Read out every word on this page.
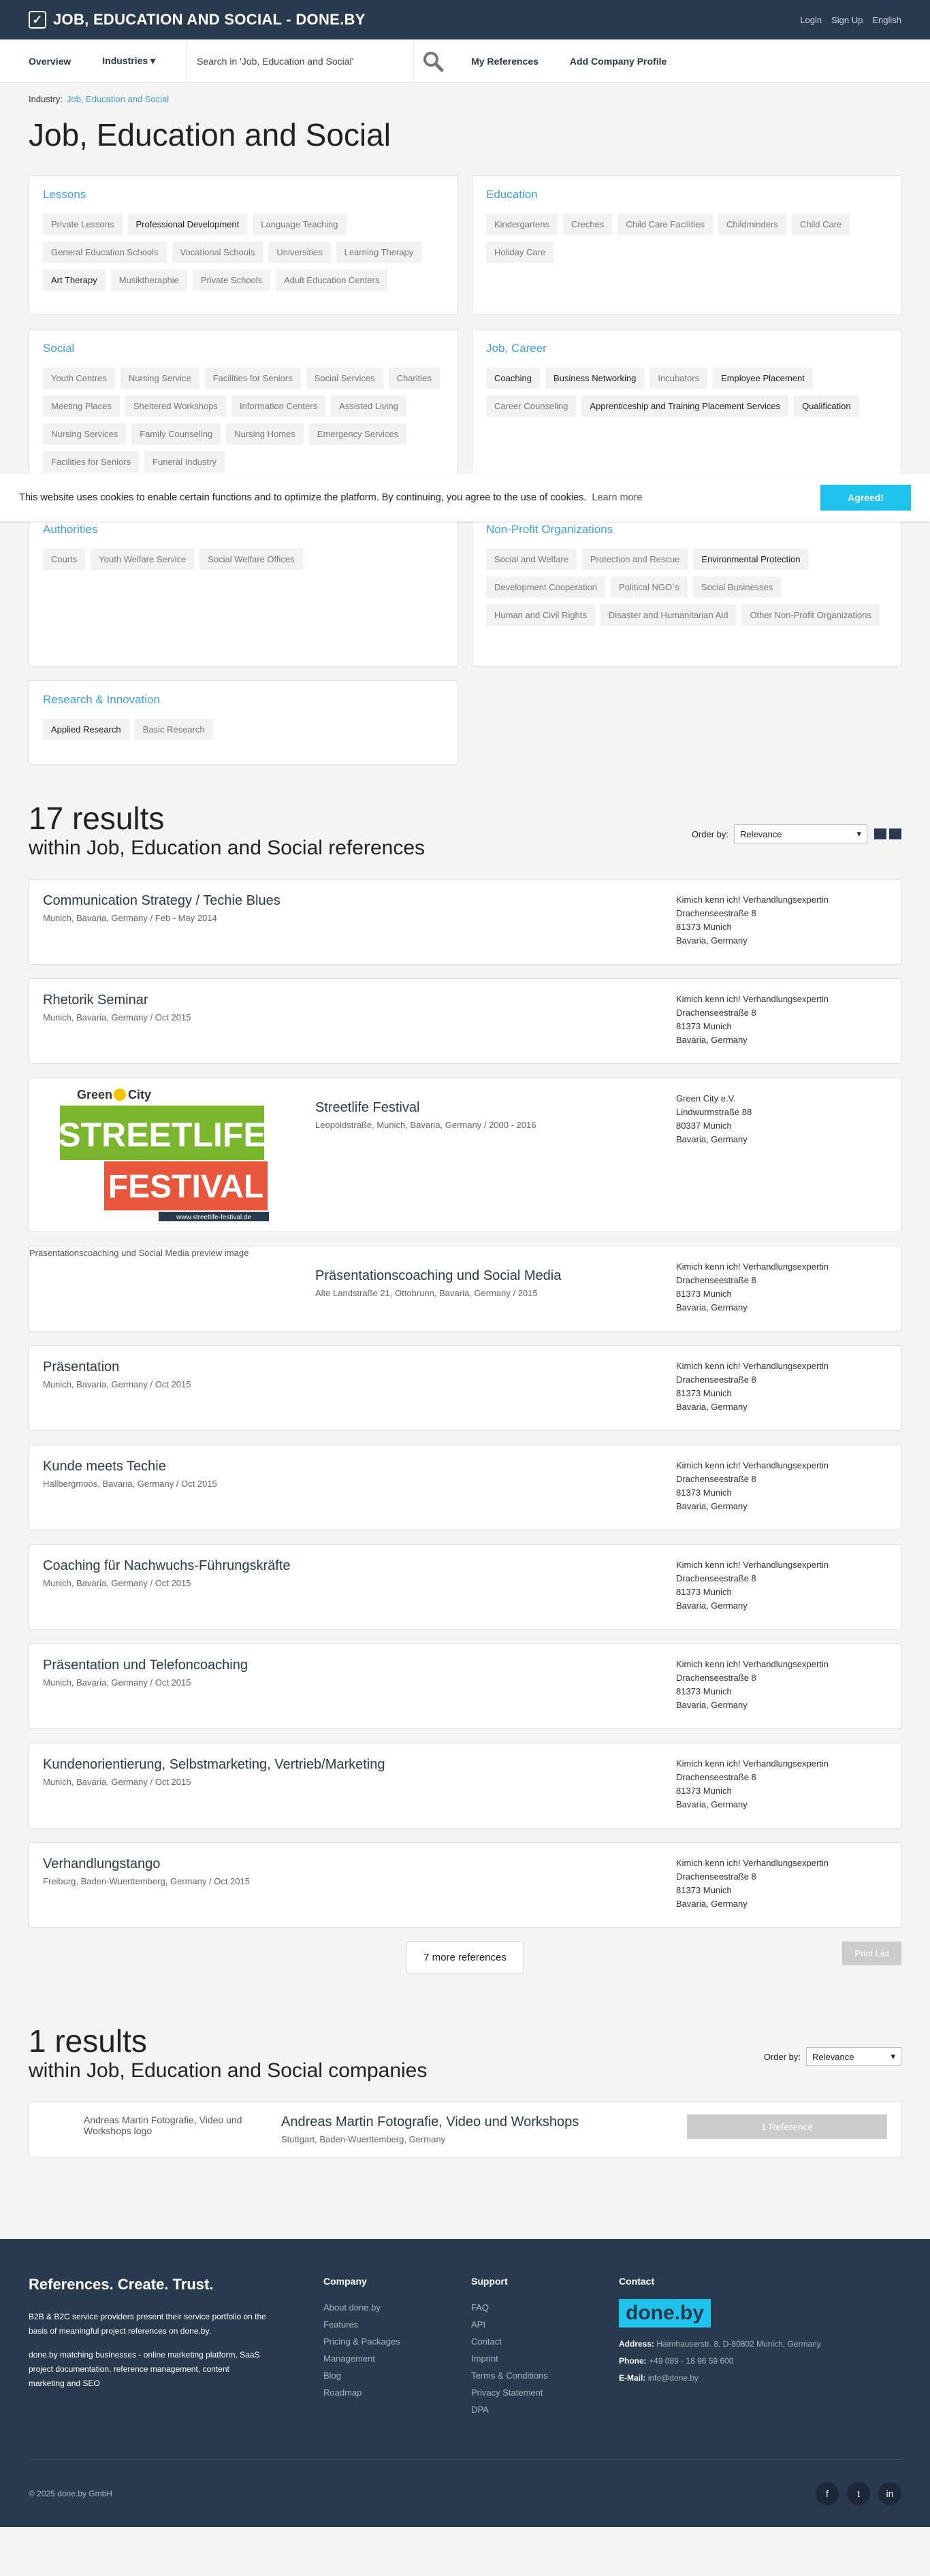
✓ JOB, EDUCATION AND SOCIAL - DONE.BY	Login Sign Up English
Overview	Industries ▾	Search in 'Job, Education and Social'	My References	Add Company Profile
Industry: Job, Education and Social
Job, Education and Social
Lessons
Private Lessons	Professional Development	Language Teaching
General Education Schools	Vocational Schools	Universities	Learning Therapy
Art Therapy	Musiktheraphie	Private Schools	Adult Education Centers
Education
Kindergartens	Creches	Child Care Facilities	Childminders	Child Care
Holiday Care
Social
Youth Centres	Nursing Service	Facilities for Seniors	Social Services	Charities
Meeting Places	Sheltered Workshops	Information Centers	Assisted Living
Nursing Services	Family Counseling	Nursing Homes	Emergency Services
Facilities for Seniors	Funeral Industry
Job, Career
Coaching	Business Networking	Incubators	Employee Placement
Career Counseling	Apprenticeship and Training Placement Services	Qualification
Authorities
Courts	Youth Welfare Service	Social Welfare Offices
Non-Profit Organizations
Social and Welfare	Protection and Rescue	Environmental Protection
Development Cooperation	Political NGO´s	Social Businesses
Human and Civil Rights	Disaster and Humanitarian Aid	Other Non-Profit Organizations
Research & Innovation
Applied Research	Basic Research
17 results
within Job, Education and Social references
Order by: Relevance	▾
Communication Strategy / Techie Blues
Munich, Bavaria, Germany / Feb - May 2014
Kimich kenn ich! Verhandlungsexpertin
Drachenseestraße 8
81373 Munich
Bavaria, Germany
Rhetorik Seminar
Munich, Bavaria, Germany / Oct 2015
Kimich kenn ich! Verhandlungsexpertin
Drachenseestraße 8
81373 Munich
Bavaria, Germany
Green City
STREETLIFE
FESTIVAL
www.streetlife-festival.de
Streetlife Festival
Leopoldstraße, Munich, Bavaria, Germany / 2000 - 2016
Green City e.V.
Lindwurmstraße 88
80337 Munich
Bavaria, Germany
Präsentationscoaching und Social Media preview image
Präsentationscoaching und Social Media
Alte Landstraße 21, Ottobrunn, Bavaria, Germany / 2015
Kimich kenn ich! Verhandlungsexpertin
Drachenseestraße 8
81373 Munich
Bavaria, Germany
Präsentation
Munich, Bavaria, Germany / Oct 2015
Kimich kenn ich! Verhandlungsexpertin
Drachenseestraße 8
81373 Munich
Bavaria, Germany
Kunde meets Techie
Hallbergmoos, Bavaria, Germany / Oct 2015
Kimich kenn ich! Verhandlungsexpertin
Drachenseestraße 8
81373 Munich
Bavaria, Germany
Coaching für Nachwuchs-Führungskräfte
Munich, Bavaria, Germany / Oct 2015
Kimich kenn ich! Verhandlungsexpertin
Drachenseestraße 8
81373 Munich
Bavaria, Germany
Präsentation und Telefoncoaching
Munich, Bavaria, Germany / Oct 2015
Kimich kenn ich! Verhandlungsexpertin
Drachenseestraße 8
81373 Munich
Bavaria, Germany
Kundenorientierung, Selbstmarketing, Vertrieb/Marketing
Munich, Bavaria, Germany / Oct 2015
Kimich kenn ich! Verhandlungsexpertin
Drachenseestraße 8
81373 Munich
Bavaria, Germany
Verhandlungstango
Freiburg, Baden-Wuerttemberg, Germany / Oct 2015
Kimich kenn ich! Verhandlungsexpertin
Drachenseestraße 8
81373 Munich
Bavaria, Germany
7 more references	Print List
1 results
within Job, Education and Social companies
Order by: Relevance	▾
Andreas Martin Fotografie, Video und Workshops logo
Andreas Martin Fotografie, Video und Workshops
Stuttgart, Baden-Wuerttemberg, Germany
1 Reference
This website uses cookies to enable certain functions and to optimize the platform. By continuing, you agree to the use of cookies. Learn more	Agreed!
References. Create. Trust.

B2B & B2C service providers present their service portfolio on the basis of meaningful project references on done.by.

done.by matching businesses - online marketing platform, SaaS project documentation, reference management, content marketing and SEO

Company
About done.by
Features
Pricing & Packages
Management
Blog
Roadmap
Support
FAQ
API
Contact
Imprint
Terms & Conditions
Privacy Statement
DPA
Contact
done.by
Address: Haimhauserstr. 8, D-80802 Munich, Germany
Phone: +49 089 - 18 96 59 600
E-Mail: info@done.by
© 2025 done.by GmbH	f	t	in
